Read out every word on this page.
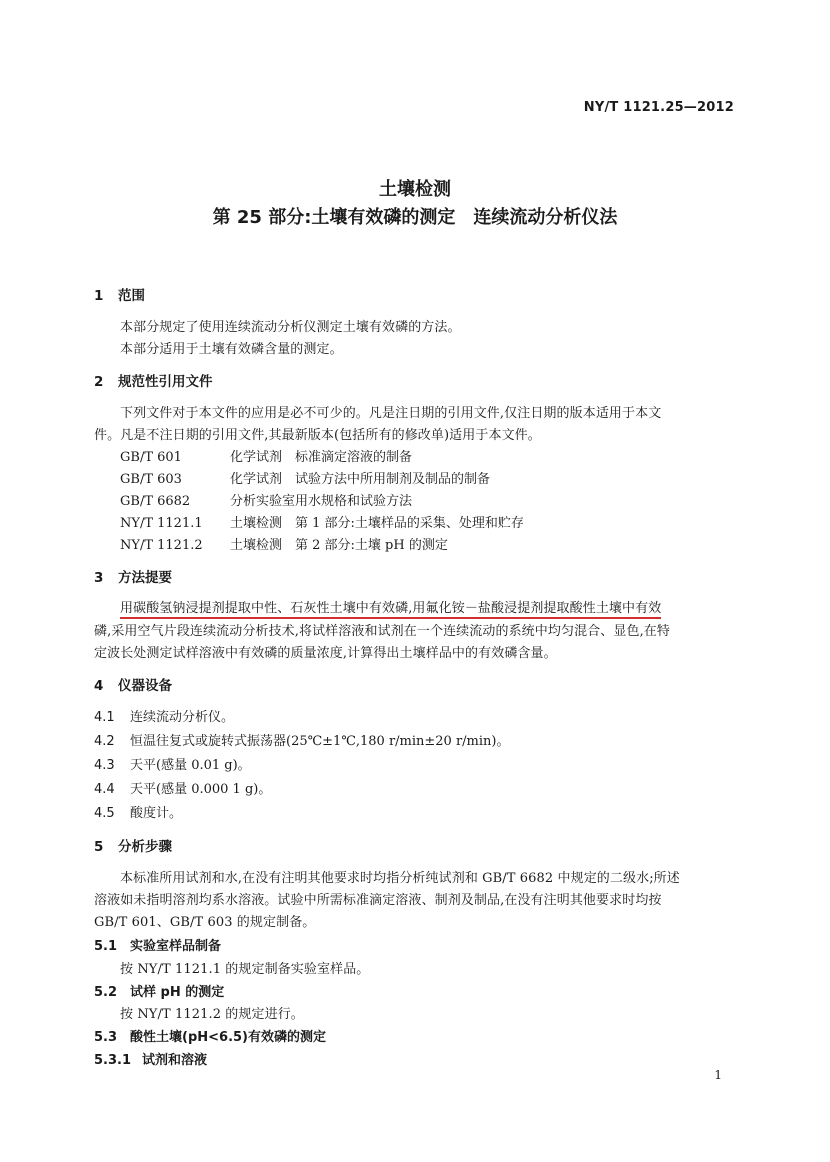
NY/T 1121.25—2012
土壤检测
第 25 部分:土壤有效磷的测定　连续流动分析仪法
1 范围
本部分规定了使用连续流动分析仪测定土壤有效磷的方法。
本部分适用于土壤有效磷含量的测定。
2 规范性引用文件
下列文件对于本文件的应用是必不可少的。凡是注日期的引用文件,仅注日期的版本适用于本文
件。凡是不注日期的引用文件,其最新版本(包括所有的修改单)适用于本文件。
GB/T 601	化学试剂　标准滴定溶液的制备
GB/T 603	化学试剂　试验方法中所用制剂及制品的制备
GB/T 6682	分析实验室用水规格和试验方法
NY/T 1121.1 土壤检测　第 1 部分:土壤样品的采集、处理和贮存
NY/T 1121.2 土壤检测　第 2 部分:土壤 pH 的测定
3 方法提要
用碳酸氢钠浸提剂提取中性、石灰性土壤中有效磷,用氟化铵－盐酸浸提剂提取酸性土壤中有效
磷,采用空气片段连续流动分析技术,将试样溶液和试剂在一个连续流动的系统中均匀混合、显色,在特
定波长处测定试样溶液中有效磷的质量浓度,计算得出土壤样品中的有效磷含量。
4 仪器设备
4.1 连续流动分析仪。
4.2 恒温往复式或旋转式振荡器(25℃±1℃,180 r/min±20 r/min)。
4.3 天平(感量 0.01 g)。
4.4 天平(感量 0.000 1 g)。
4.5 酸度计。
5 分析步骤
本标准所用试剂和水,在没有注明其他要求时均指分析纯试剂和 GB/T 6682 中规定的二级水;所述
溶液如未指明溶剂均系水溶液。试验中所需标准滴定溶液、制剂及制品,在没有注明其他要求时均按
GB/T 601、GB/T 603 的规定制备。
5.1 实验室样品制备
按 NY/T 1121.1 的规定制备实验室样品。
5.2 试样 pH 的测定
按 NY/T 1121.2 的规定进行。
5.3 酸性土壤(pH<6.5)有效磷的测定
5.3.1 试剂和溶液
1
